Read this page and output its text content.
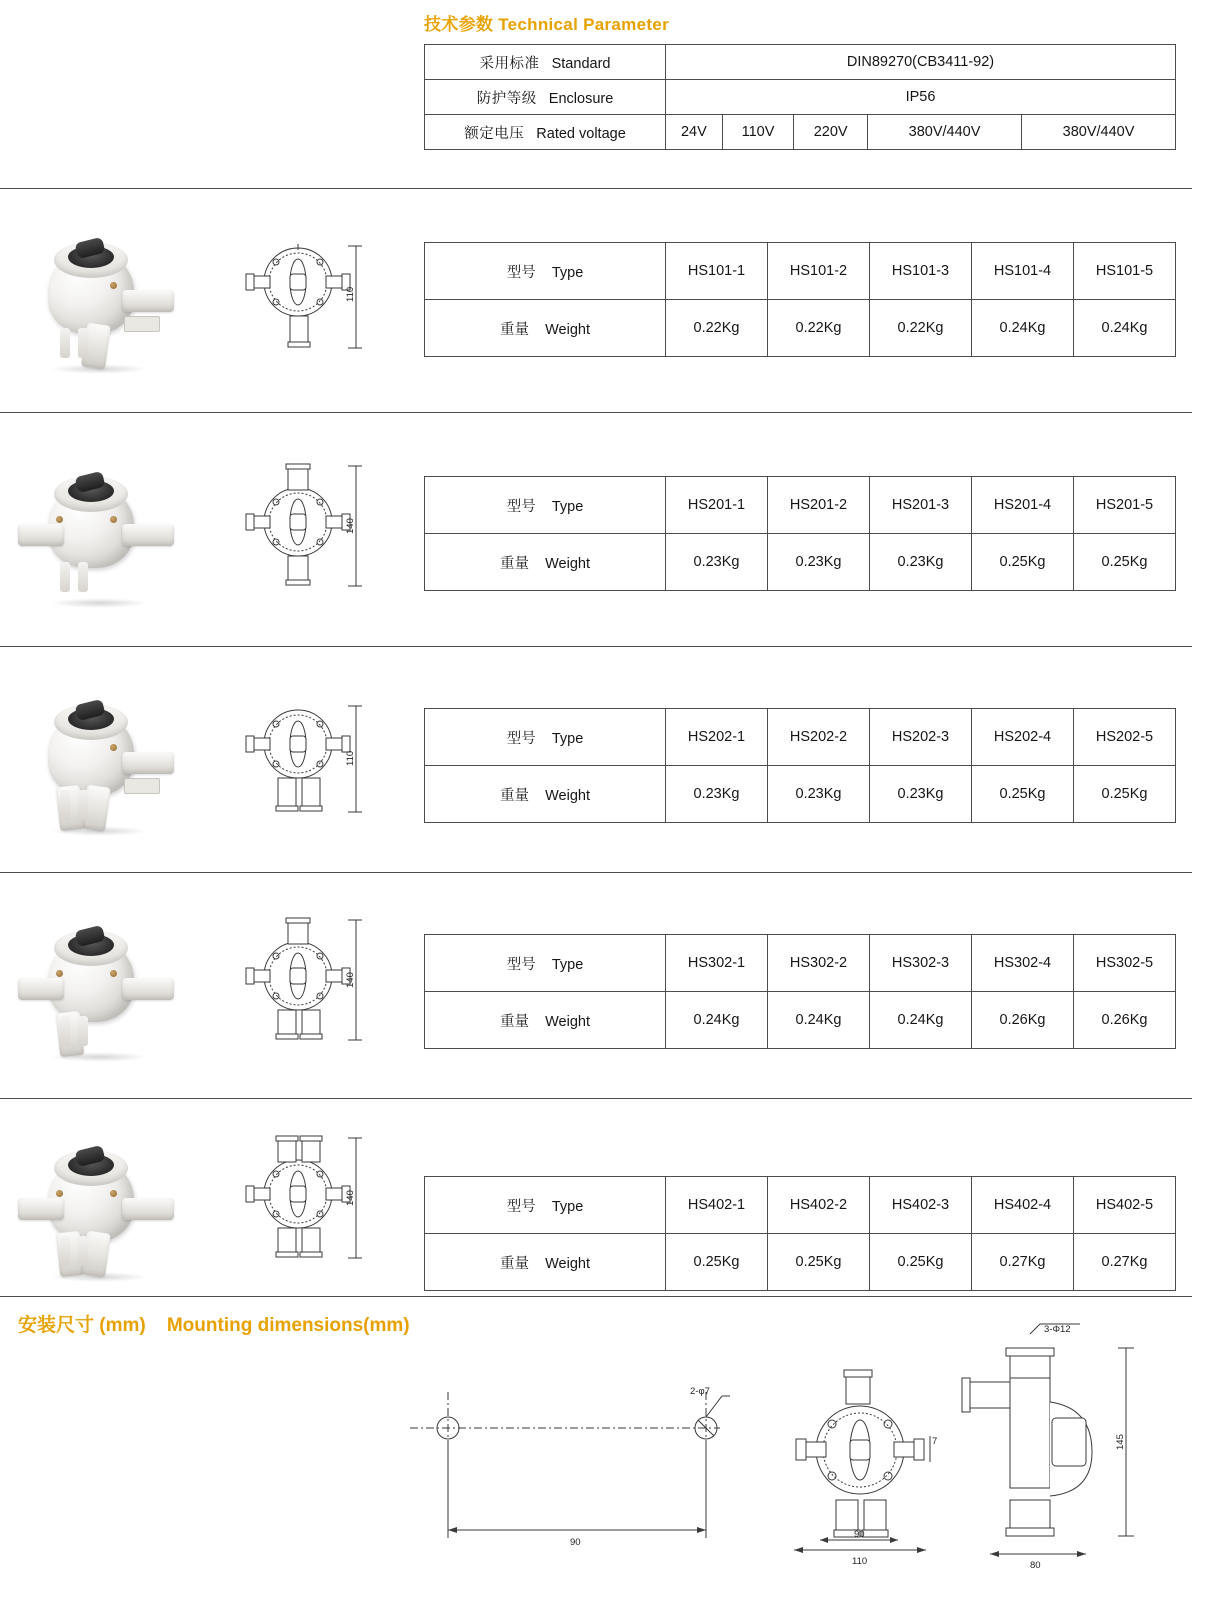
技术参数 Technical Parameter
采用标准 Standard	DIN89270(CB3411-92)				
防护等级 Enclosure	IP56				
额定电压 Rated voltage	24V	110V	220V	380V/440V	380V/440V
110
型号 Type	HS101-1	HS101-2	HS101-3	HS101-4	HS101-5
重量 Weight	0.22Kg	0.22Kg	0.22Kg	0.24Kg	0.24Kg
140
型号 Type	HS201-1	HS201-2	HS201-3	HS201-4	HS201-5
重量 Weight	0.23Kg	0.23Kg	0.23Kg	0.25Kg	0.25Kg
110
型号 Type	HS202-1	HS202-2	HS202-3	HS202-4	HS202-5
重量 Weight	0.23Kg	0.23Kg	0.23Kg	0.25Kg	0.25Kg
140
型号 Type	HS302-1	HS302-2	HS302-3	HS302-4	HS302-5
重量 Weight	0.24Kg	0.24Kg	0.24Kg	0.26Kg	0.26Kg
140
型号 Type	HS402-1	HS402-2	HS402-3	HS402-4	HS402-5
重量 Weight	0.25Kg	0.25Kg	0.25Kg	0.27Kg	0.27Kg
安装尺寸 (mm) Mounting dimensions(mm)
2-φ7
90
90
110
7
3-Φ12
145
80
